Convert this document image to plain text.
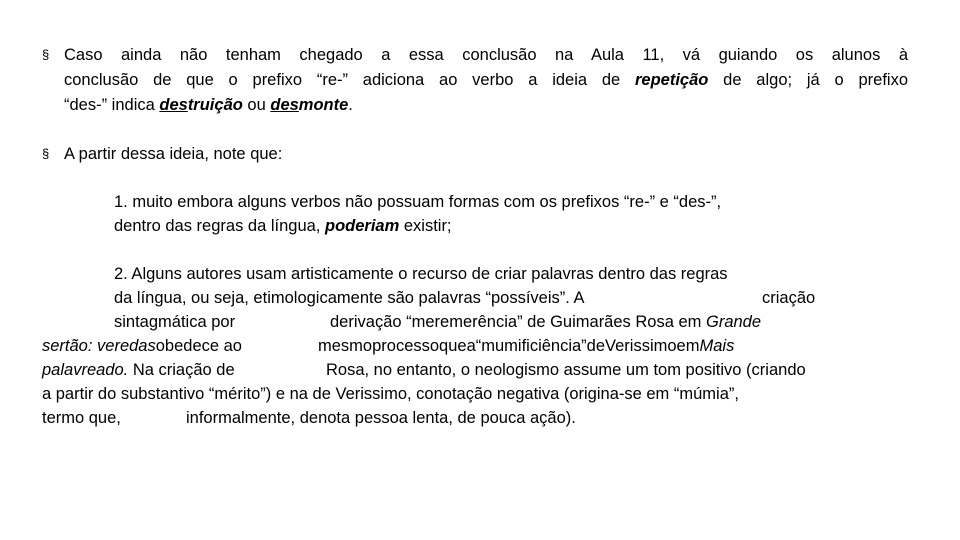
§ Caso ainda não tenham chegado a essa conclusão na Aula 11, vá guiando os alunos à
conclusão de que o prefixo “re-” adiciona ao verbo a ideia de repetição de algo; já o prefixo
“des-” indica destruição ou desmonte.
§ A partir dessa ideia, note que:
1. muito embora alguns verbos não possuam formas com os prefixos “re-” e “des-”,
dentro das regras da língua, poderiam existir;
2. Alguns autores usam artisticamente o recurso de criar palavras dentro das regras
da língua, ou seja, etimologicamente são palavras “possíveis”. A	criação
sintagmática por	derivação “meremerência” de Guimarães Rosa em Grande
sertão: veredasobedece ao	mesmoprocessoquea“mumificiência”deVerissimoemMais
palavreado. Na criação de	Rosa, no entanto, o neologismo assume um tom positivo (criando
a partir do substantivo “mérito”) e na de Verissimo, conotação negativa (origina-se em “múmia”,
termo que,	informalmente, denota pessoa lenta, de pouca ação).
